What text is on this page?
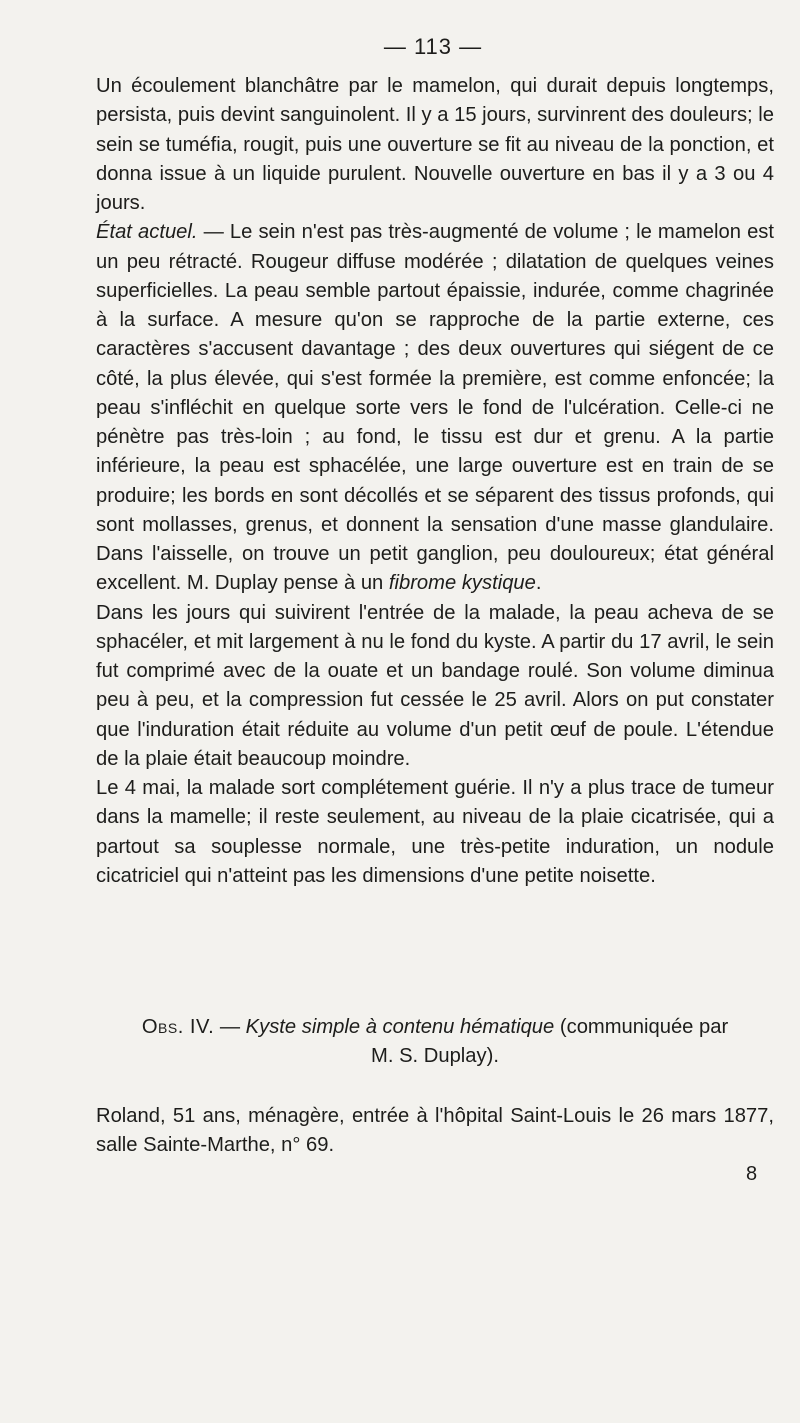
— 113 —

Un écoulement blanchâtre par le mamelon, qui durait depuis longtemps, persista, puis devint sanguinolent. Il y a 15 jours, survinrent des douleurs; le sein se tuméfia, rougit, puis une ouverture se fit au niveau de la ponction, et donna issue à un liquide purulent. Nouvelle ouverture en bas il y a 3 ou 4 jours.

État actuel. — Le sein n'est pas très-augmenté de volume ; le mamelon est un peu rétracté. Rougeur diffuse modérée ; dilatation de quelques veines superficielles. La peau semble partout épaissie, indurée, comme chagrinée à la surface. A mesure qu'on se rapproche de la partie externe, ces caractères s'accusent davantage ; des deux ouvertures qui siégent de ce côté, la plus élevée, qui s'est formée la première, est comme enfoncée; la peau s'infléchit en quelque sorte vers le fond de l'ulcération. Celle-ci ne pénètre pas très-loin ; au fond, le tissu est dur et grenu. A la partie inférieure, la peau est sphacélée, une large ouverture est en train de se produire; les bords en sont décollés et se séparent des tissus profonds, qui sont mollasses, grenus, et donnent la sensation d'une masse glandulaire. Dans l'aisselle, on trouve un petit ganglion, peu douloureux; état général excellent. M. Duplay pense à un fibrome kystique.

Dans les jours qui suivirent l'entrée de la malade, la peau acheva de se sphacéler, et mit largement à nu le fond du kyste. A partir du 17 avril, le sein fut comprimé avec de la ouate et un bandage roulé. Son volume diminua peu à peu, et la compression fut cessée le 25 avril. Alors on put constater que l'induration était réduite au volume d'un petit œuf de poule. L'étendue de la plaie était beaucoup moindre.

Le 4 mai, la malade sort complétement guérie. Il n'y a plus trace de tumeur dans la mamelle; il reste seulement, au niveau de la plaie cicatrisée, qui a partout sa souplesse normale, une très-petite induration, un nodule cicatriciel qui n'atteint pas les dimensions d'une petite noisette.

Obs. IV. — Kyste simple à contenu hématique (communiquée par
M. S. Duplay).

Roland, 51 ans, ménagère, entrée à l'hôpital Saint-Louis le 26 mars 1877, salle Sainte-Marthe, n° 69.

8
